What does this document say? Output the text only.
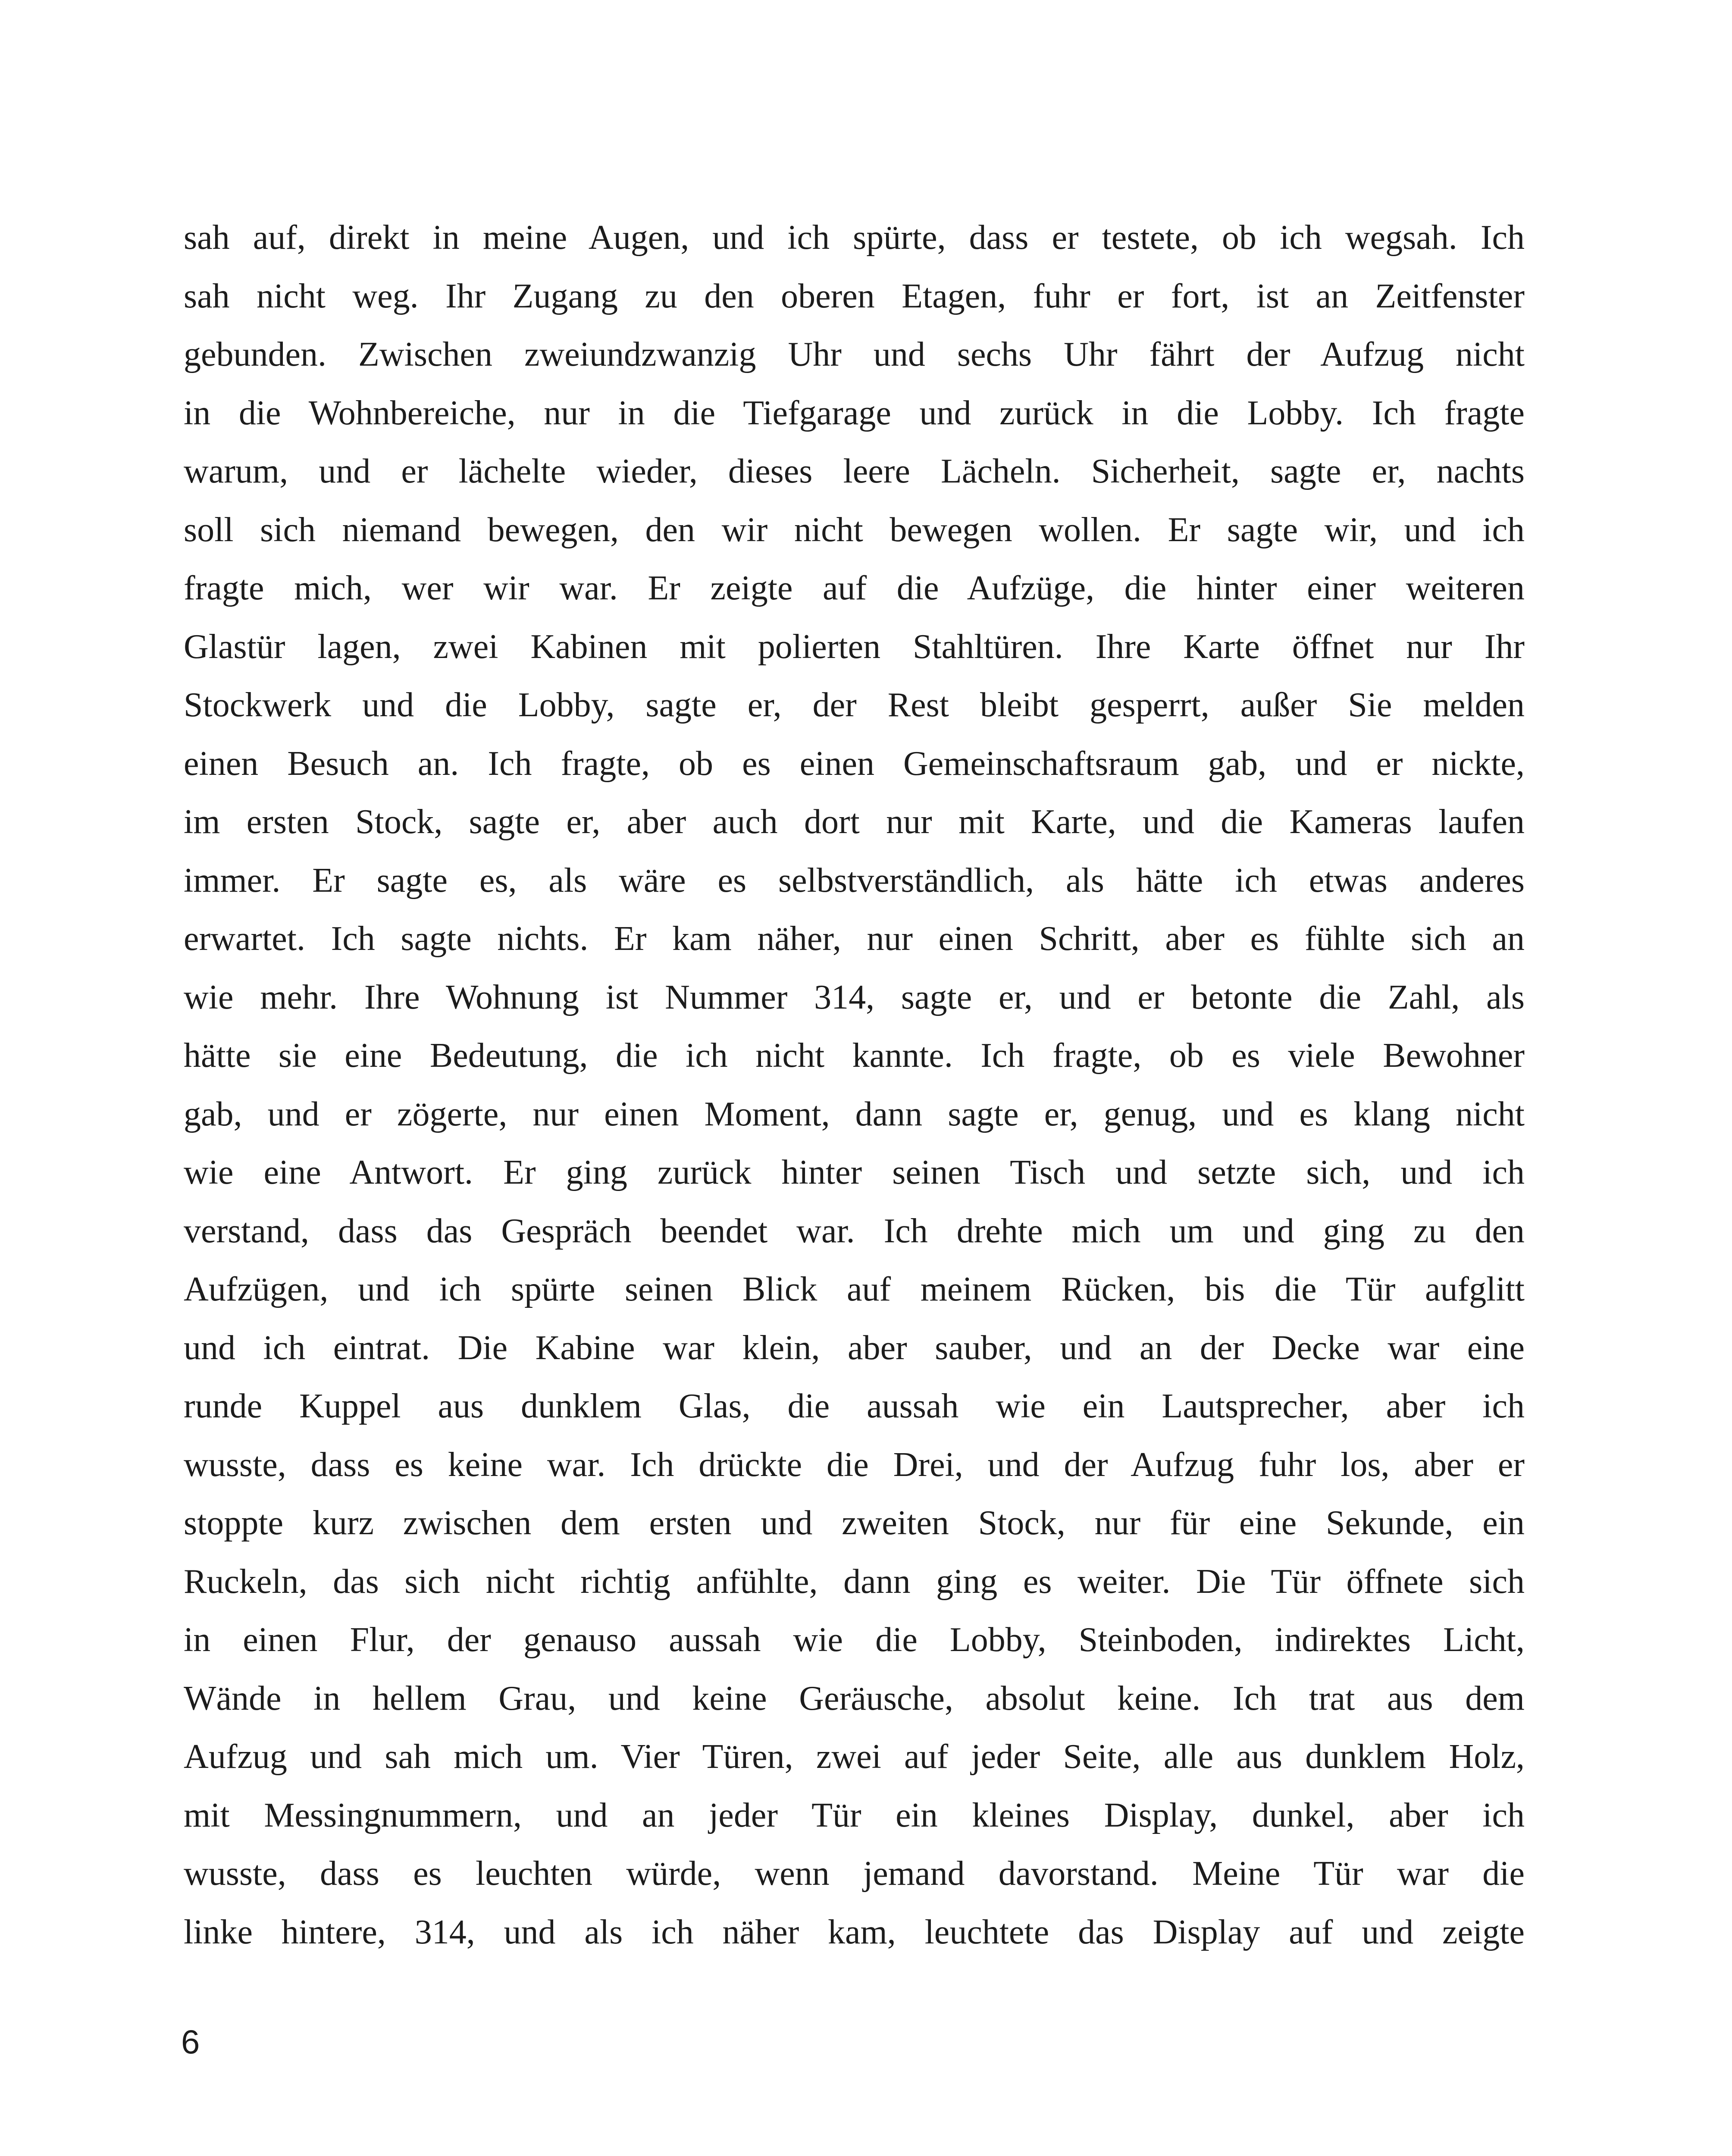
sah auf, direkt in meine Augen, und ich spürte, dass er testete, ob ich wegsah. Ich
sah nicht weg. Ihr Zugang zu den oberen Etagen, fuhr er fort, ist an Zeitfenster
gebunden. Zwischen zweiundzwanzig Uhr und sechs Uhr fährt der Aufzug nicht
in die Wohnbereiche, nur in die Tiefgarage und zurück in die Lobby. Ich fragte
warum, und er lächelte wieder, dieses leere Lächeln. Sicherheit, sagte er, nachts
soll sich niemand bewegen, den wir nicht bewegen wollen. Er sagte wir, und ich
fragte mich, wer wir war. Er zeigte auf die Aufzüge, die hinter einer weiteren
Glastür lagen, zwei Kabinen mit polierten Stahltüren. Ihre Karte öffnet nur Ihr
Stockwerk und die Lobby, sagte er, der Rest bleibt gesperrt, außer Sie melden
einen Besuch an. Ich fragte, ob es einen Gemeinschaftsraum gab, und er nickte,
im ersten Stock, sagte er, aber auch dort nur mit Karte, und die Kameras laufen
immer. Er sagte es, als wäre es selbstverständlich, als hätte ich etwas anderes
erwartet. Ich sagte nichts. Er kam näher, nur einen Schritt, aber es fühlte sich an
wie mehr. Ihre Wohnung ist Nummer 314, sagte er, und er betonte die Zahl, als
hätte sie eine Bedeutung, die ich nicht kannte. Ich fragte, ob es viele Bewohner
gab, und er zögerte, nur einen Moment, dann sagte er, genug, und es klang nicht
wie eine Antwort. Er ging zurück hinter seinen Tisch und setzte sich, und ich
verstand, dass das Gespräch beendet war. Ich drehte mich um und ging zu den
Aufzügen, und ich spürte seinen Blick auf meinem Rücken, bis die Tür aufglitt
und ich eintrat. Die Kabine war klein, aber sauber, und an der Decke war eine
runde Kuppel aus dunklem Glas, die aussah wie ein Lautsprecher, aber ich
wusste, dass es keine war. Ich drückte die Drei, und der Aufzug fuhr los, aber er
stoppte kurz zwischen dem ersten und zweiten Stock, nur für eine Sekunde, ein
Ruckeln, das sich nicht richtig anfühlte, dann ging es weiter. Die Tür öffnete sich
in einen Flur, der genauso aussah wie die Lobby, Steinboden, indirektes Licht,
Wände in hellem Grau, und keine Geräusche, absolut keine. Ich trat aus dem
Aufzug und sah mich um. Vier Türen, zwei auf jeder Seite, alle aus dunklem Holz,
mit Messingnummern, und an jeder Tür ein kleines Display, dunkel, aber ich
wusste, dass es leuchten würde, wenn jemand davorstand. Meine Tür war die
linke hintere, 314, und als ich näher kam, leuchtete das Display auf und zeigte
6
